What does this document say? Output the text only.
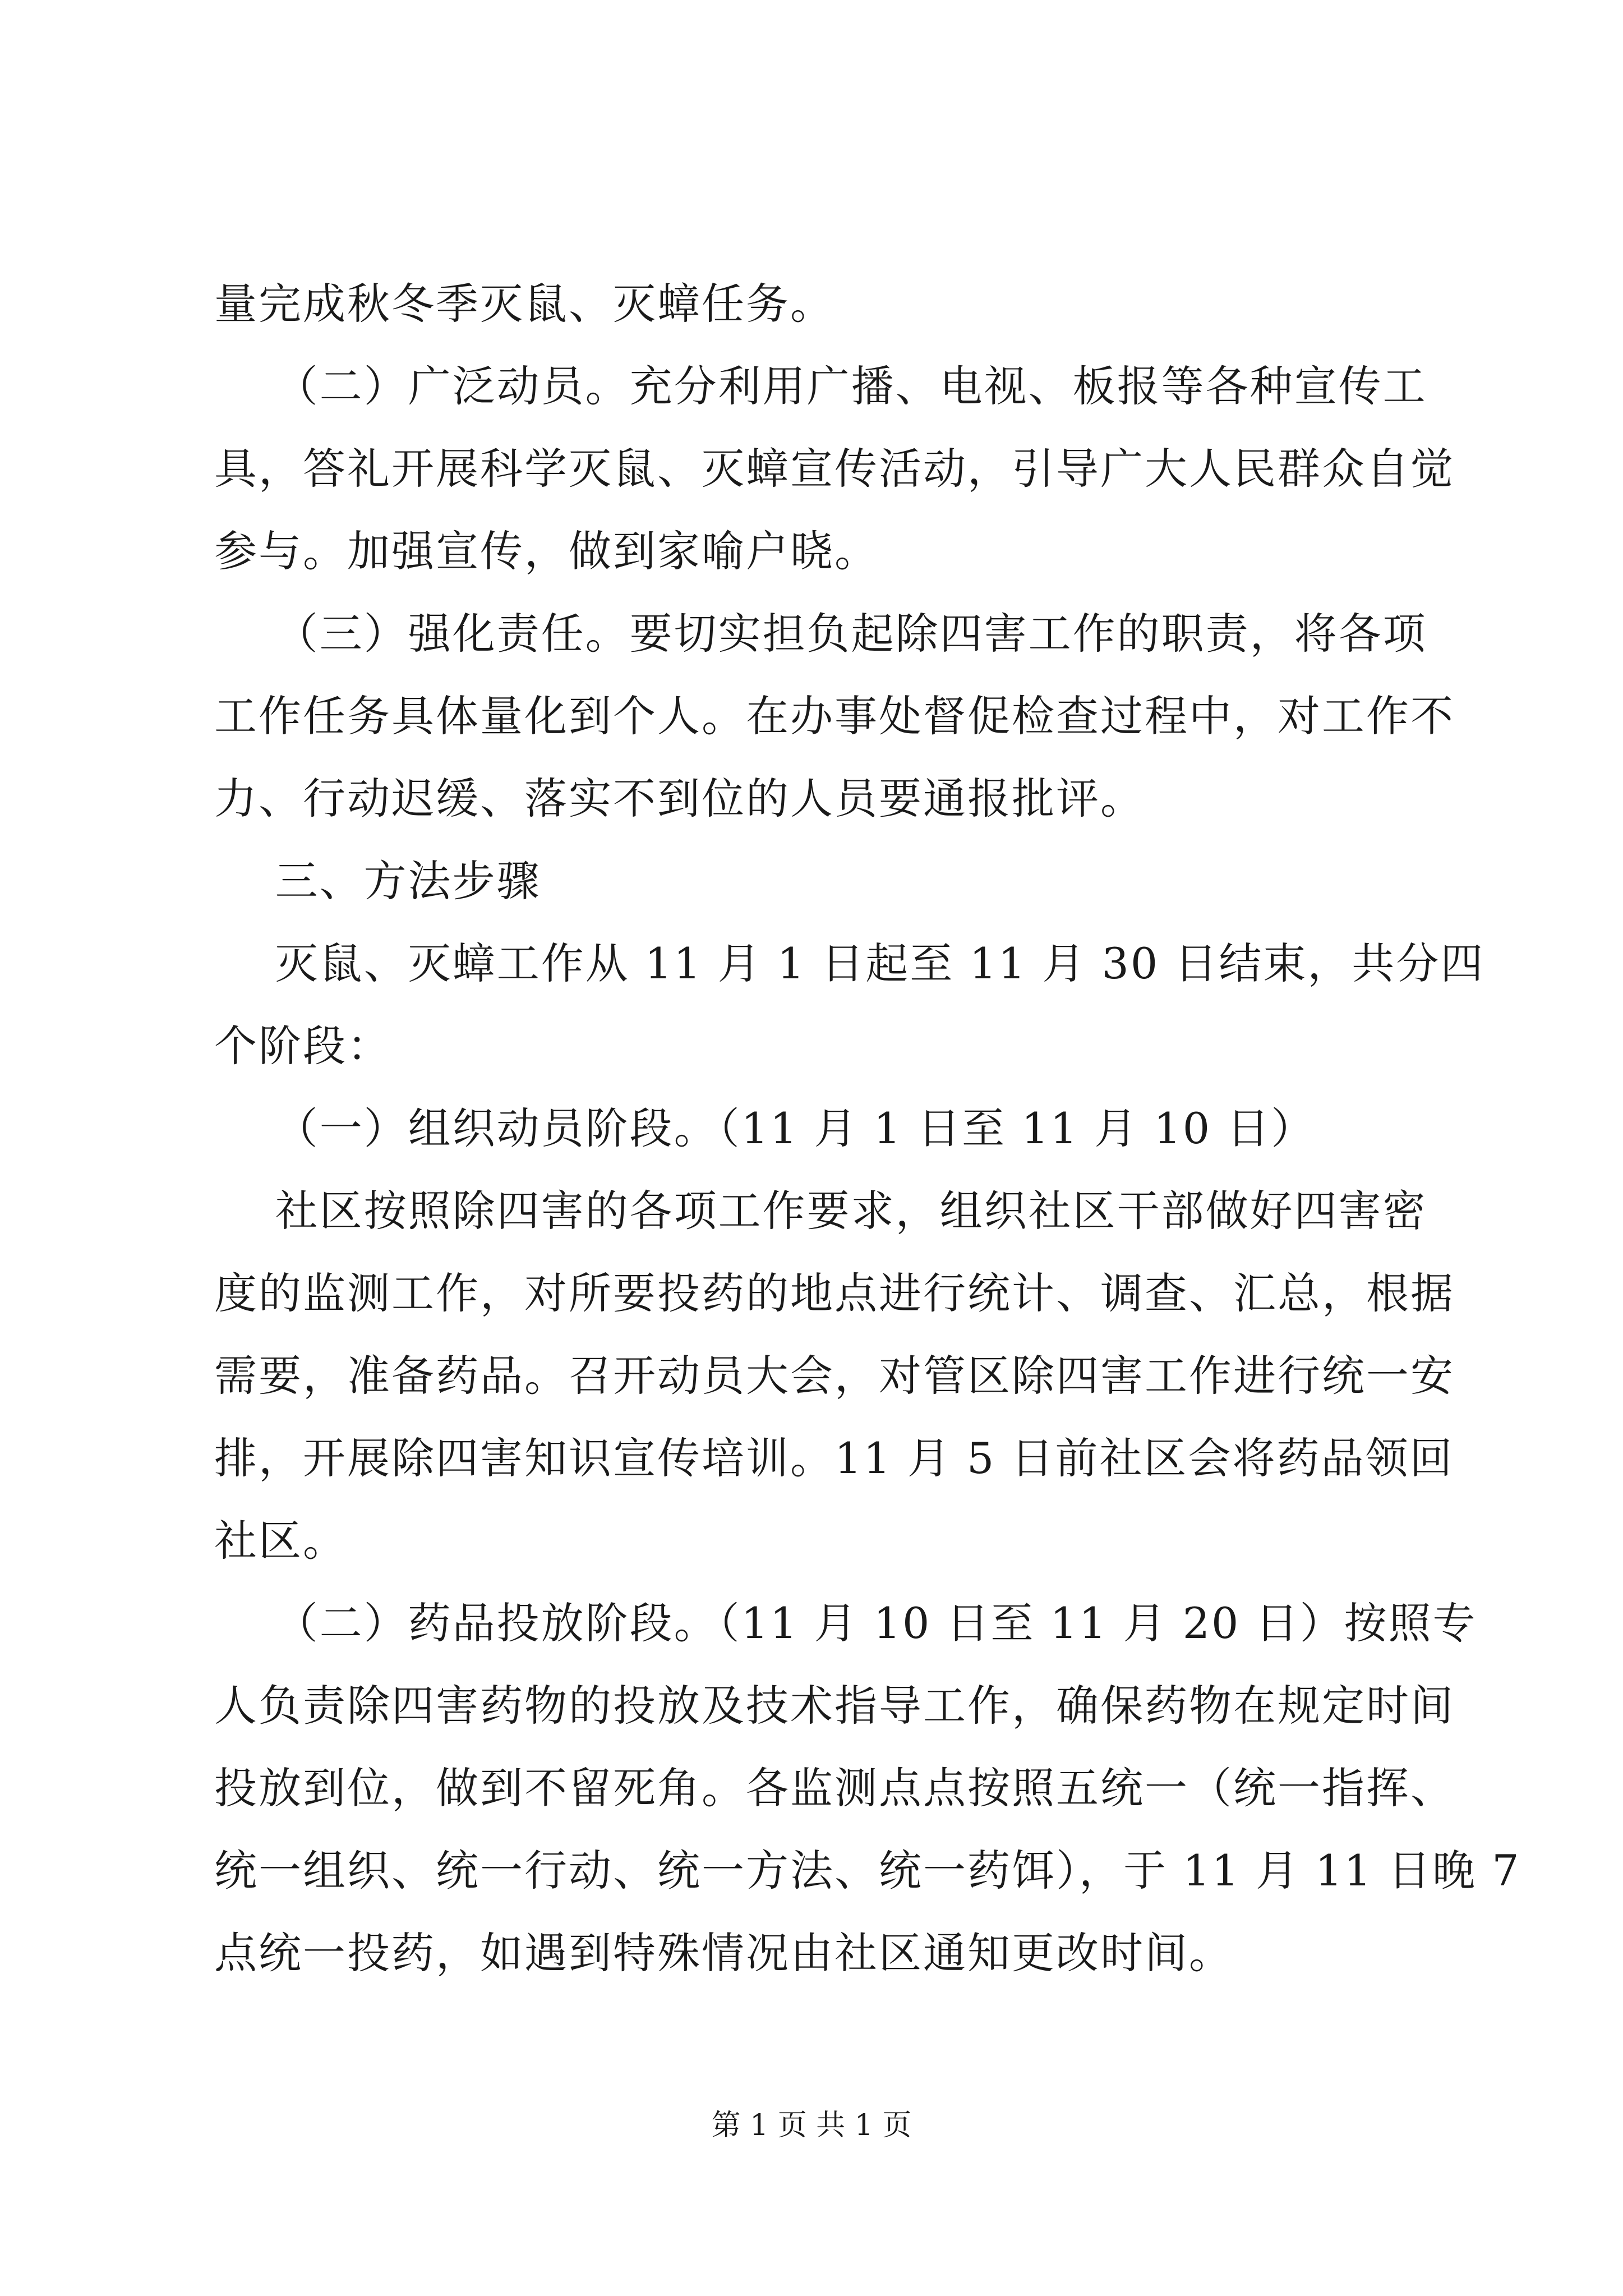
量完成秋冬季灭鼠、灭蟑任务。
（二）广泛动员。充分利用广播、电视、板报等各种宣传工
具，答礼开展科学灭鼠、灭蟑宣传活动，引导广大人民群众自觉
参与。加强宣传，做到家喻户晓。
（三）强化责任。要切实担负起除四害工作的职责，将各项
工作任务具体量化到个人。在办事处督促检查过程中，对工作不
力、行动迟缓、落实不到位的人员要通报批评。
三、方法步骤
灭鼠、灭蟑工作从 11 月 1 日起至 11 月 30 日结束，共分四
个阶段：
（一）组织动员阶段。（11 月 1 日至 11 月 10 日）
社区按照除四害的各项工作要求，组织社区干部做好四害密
度的监测工作，对所要投药的地点进行统计、调查、汇总，根据
需要，准备药品。召开动员大会，对管区除四害工作进行统一安
排，开展除四害知识宣传培训。11 月 5 日前社区会将药品领回
社区。
（二）药品投放阶段。（11 月 10 日至 11 月 20 日）按照专
人负责除四害药物的投放及技术指导工作，确保药物在规定时间
投放到位，做到不留死角。各监测点点按照五统一（统一指挥、
统一组织、统一行动、统一方法、统一药饵），于 11 月 11 日晚 7
点统一投药，如遇到特殊情况由社区通知更改时间。
第 1 页 共 1 页
